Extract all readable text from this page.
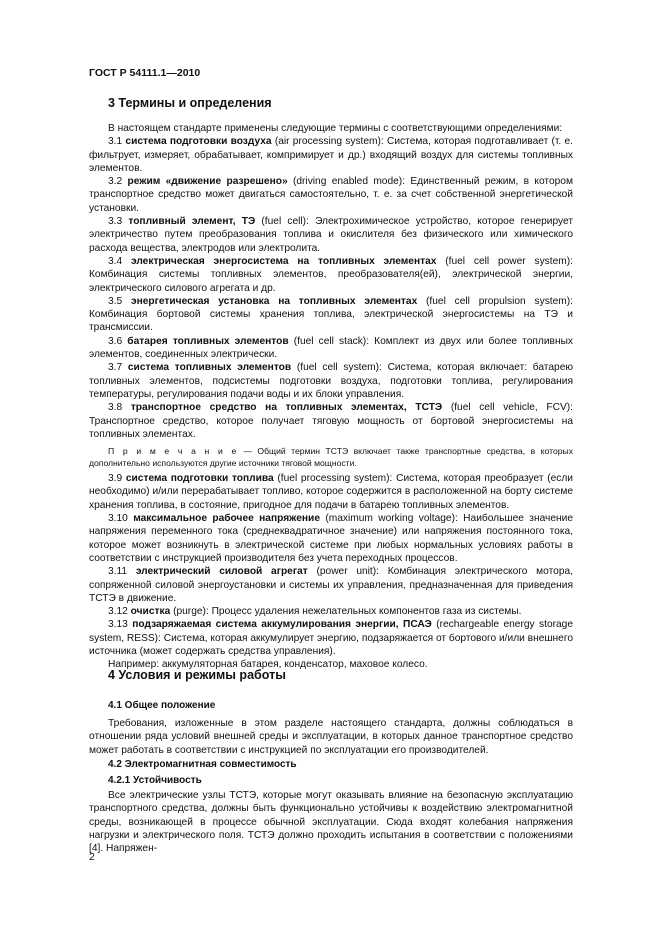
ГОСТ Р 54111.1—2010
3 Термины и определения

В настоящем стандарте применены следующие термины с соответствующими определениями:

3.1 система подготовки воздуха (air processing system): Система, которая подготавливает (т. е. фильтрует, измеряет, обрабатывает, компримирует и др.) входящий воздух для системы топливных элементов.

3.2 режим «движение разрешено» (driving enabled mode): Единственный режим, в котором транспортное средство может двигаться самостоятельно, т. е. за счет собственной энергетической установки.

3.3 топливный элемент, ТЭ (fuel cell): Электрохимическое устройство, которое генерирует электричество путем преобразования топлива и окислителя без физического или химического расхода вещества, электродов или электролита.

3.4 электрическая энергосистема на топливных элементах (fuel cell power system): Комбинация системы топливных элементов, преобразователя(ей), электрической энергии, электрического силового агрегата и др.

3.5 энергетическая установка на топливных элементах (fuel cell propulsion system): Комбинация бортовой системы хранения топлива, электрической энергосистемы на ТЭ и трансмиссии.

3.6 батарея топливных элементов (fuel cell stack): Комплект из двух или более топливных элементов, соединенных электрически.

3.7 система топливных элементов (fuel cell system): Система, которая включает: батарею топливных элементов, подсистемы подготовки воздуха, подготовки топлива, регулирования температуры, регулирования подачи воды и их блоки управления.

3.8 транспортное средство на топливных элементах, ТСТЭ (fuel cell vehicle, FCV): Транспортное средство, которое получает тяговую мощность от бортовой энергосистемы на топливных элементах.

П р и м е ч а н и е — Общий термин ТСТЭ включает также транспортные средства, в которых дополнительно используются другие источники тяговой мощности.

3.9 система подготовки топлива (fuel processing system): Система, которая преобразует (если необходимо) и/или перерабатывает топливо, которое содержится в расположенной на борту системе хранения топлива, в состояние, пригодное для подачи в батарею топливных элементов.

3.10 максимальное рабочее напряжение (maximum working voltage): Наибольшее значение напряжения переменного тока (среднеквадратичное значение) или напряжения постоянного тока, которое может возникнуть в электрической системе при любых нормальных условиях работы в соответствии с инструкцией производителя без учета переходных процессов.

3.11 электрический силовой агрегат (power unit): Комбинация электрического мотора, сопряженной силовой энергоустановки и системы их управления, предназначенная для приведения ТСТЭ в движение.

3.12 очистка (purge): Процесс удаления нежелательных компонентов газа из системы.

3.13 подзаряжаемая система аккумулирования энергии, ПСАЭ (rechargeable energy storage system, RESS): Система, которая аккумулирует энергию, подзаряжается от бортового и/или внешнего источника (может содержать средства управления).

Например: аккумуляторная батарея, конденсатор, маховое колесо.

4 Условия и режимы работы
4.1 Общее положение

Требования, изложенные в этом разделе настоящего стандарта, должны соблюдаться в отношении ряда условий внешней среды и эксплуатации, в которых данное транспортное средство может работать в соответствии с инструкцией по эксплуатации его производителей.

4.2 Электромагнитная совместимость
4.2.1 Устойчивость

Все электрические узлы ТСТЭ, которые могут оказывать влияние на безопасную эксплуатацию транспортного средства, должны быть функционально устойчивы к воздействию электромагнитной среды, возникающей в процессе обычной эксплуатации. Сюда входят колебания напряжения нагрузки и электрического поля. ТСТЭ должно проходить испытания в соответствии с положениями [4]. Напряжен-

2
